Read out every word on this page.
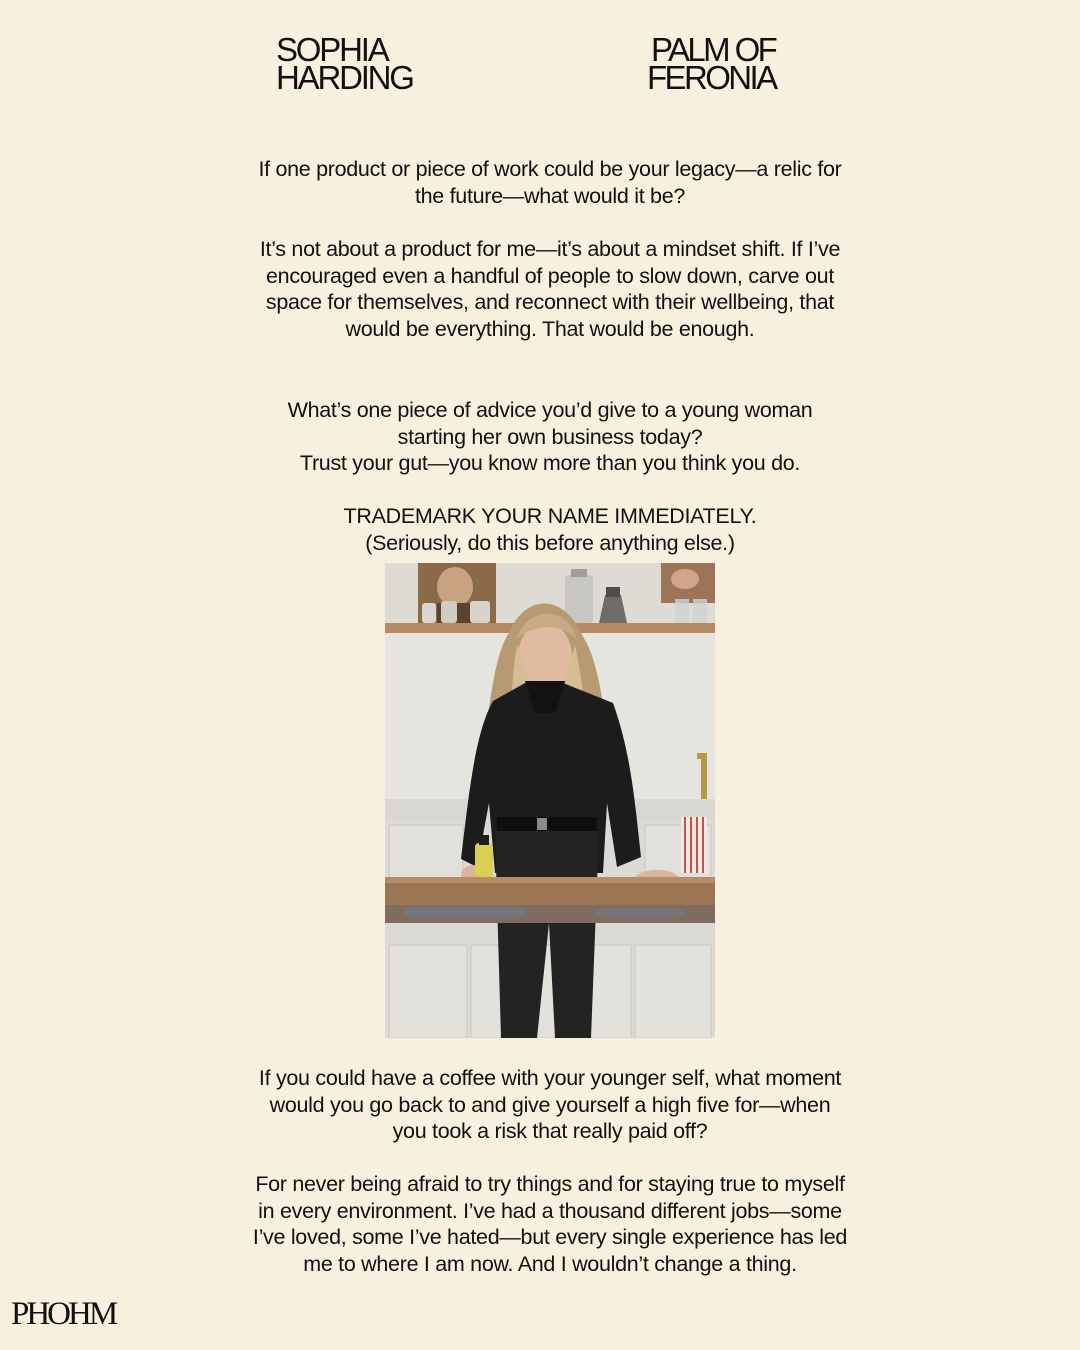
SOPHIA
HARDING
PALM OF
FERONIA

If one product or piece of work could be your legacy—a relic for

the future—what would it be?

It’s not about a product for me—it’s about a mindset shift. If I’ve

encouraged even a handful of people to slow down, carve out

space for themselves, and reconnect with their wellbeing, that

would be everything. That would be enough.

What’s one piece of advice you’d give to a young woman

starting her own business today?

Trust your gut—you know more than you think you do.

TRADEMARK YOUR NAME IMMEDIATELY.

(Seriously, do this before anything else.)

If you could have a coffee with your younger self, what moment

would you go back to and give yourself a high five for—when

you took a risk that really paid off?

For never being afraid to try things and for staying true to myself

in every environment. I’ve had a thousand different jobs—some

I’ve loved, some I’ve hated—but every single experience has led

me to where I am now. And I wouldn’t change a thing.

PHOHM
